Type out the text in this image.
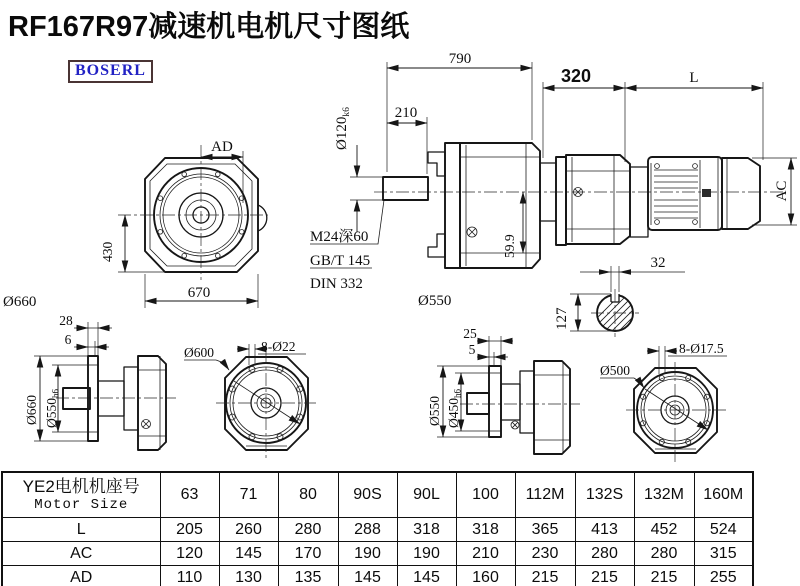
RF167R97减速机电机尺寸图纸
BOSERL
AD
430
670
790
210
$Ø120_{k6}$
M24深60
GB/T 145
DIN 332
59.9
Ø550
320	L
AC
32
127
Ø660
28
6
Ø660 Ø550h6
8-Ø22
Ø600
25
5
Ø550 Ø450h6
8-Ø17.5
Ø500
YE2电机机座号
Motor Size	63	71	80	90S	90L	100	112M	132S	132M	160M
L	205	260	280	288	318	318	365	413	452	524
AC	120	145	170	190	190	210	230	280	280	315
AD	110	130	135	145	145	160	215	215	215	255
